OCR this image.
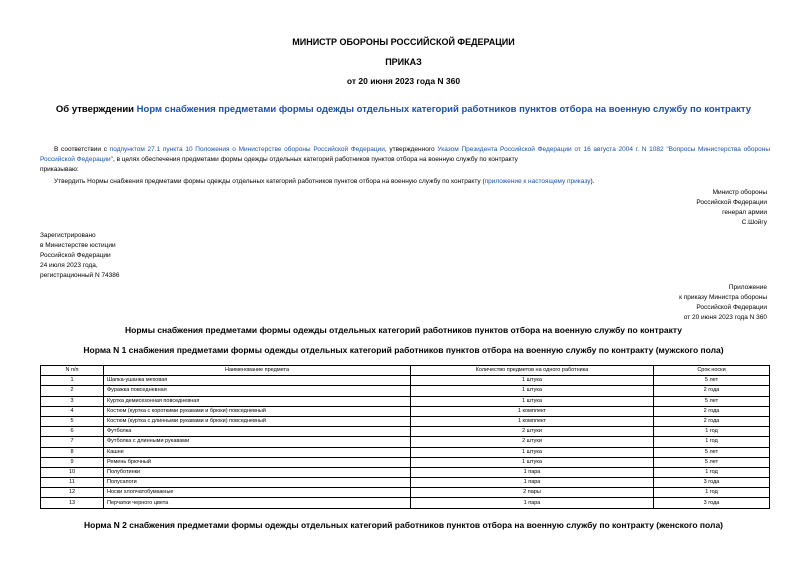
МИНИСТР ОБОРОНЫ РОССИЙСКОЙ ФЕДЕРАЦИИ
ПРИКАЗ
от 20 июня 2023 года N 360
Об утверждении Норм снабжения предметами формы одежды отдельных категорий работников пунктов отбора на военную службу по контракту
В соответствии с подпунктом 27.1 пункта 10 Положения о Министерстве обороны Российской Федерации, утвержденного Указом Президента Российской Федерации от 16 августа 2004 г. N 1082 "Вопросы Министерства обороны Российской Федерации", в целях обеспечения предметами формы одежды отдельных категорий работников пунктов отбора на военную службу по контракту
приказываю:
Утвердить Нормы снабжения предметами формы одежды отдельных категорий работников пунктов отбора на военную службу по контракту (приложение к настоящему приказу).
Министр обороны
Российской Федерации
генерал армии
С.Шойгу
Зарегистрировано
в Министерстве юстиции
Российской Федерации
24 июля 2023 года,
регистрационный N 74386
Приложение
к приказу Министра обороны
Российской Федерации
от 20 июня 2023 года N 360
Нормы снабжения предметами формы одежды отдельных категорий работников пунктов отбора на военную службу по контракту
Норма N 1 снабжения предметами формы одежды отдельных категорий работников пунктов отбора на военную службу по контракту (мужского пола)
N п/п	Наименование предмета	Количество предметов на одного работника	Срок носки
1	Шапка-ушанка меховая	1 штука	5 лет
2	Фуражка повседневная	1 штука	2 года
3	Куртка демисезонная повседневная	1 штука	5 лет
4	Костюм (куртка с короткими рукавами и брюки) повседневный	1 комплект	2 года
5	Костюм (куртка с длинными рукавами и брюки) повседневный	1 комплект	2 года
6	Футболка	2 штуки	1 год
7	Футболка с длинными рукавами	2 штуки	1 год
8	Кашне	1 штука	5 лет
9	Ремень брючный	1 штука	5 лет
10	Полуботинки	1 пара	1 год
11	Полусапоги	1 пара	3 года
12	Носки хлопчатобумажные	2 пары	1 год
13	Перчатки черного цвета	1 пара	3 года
Норма N 2 снабжения предметами формы одежды отдельных категорий работников пунктов отбора на военную службу по контракту (женского пола)
